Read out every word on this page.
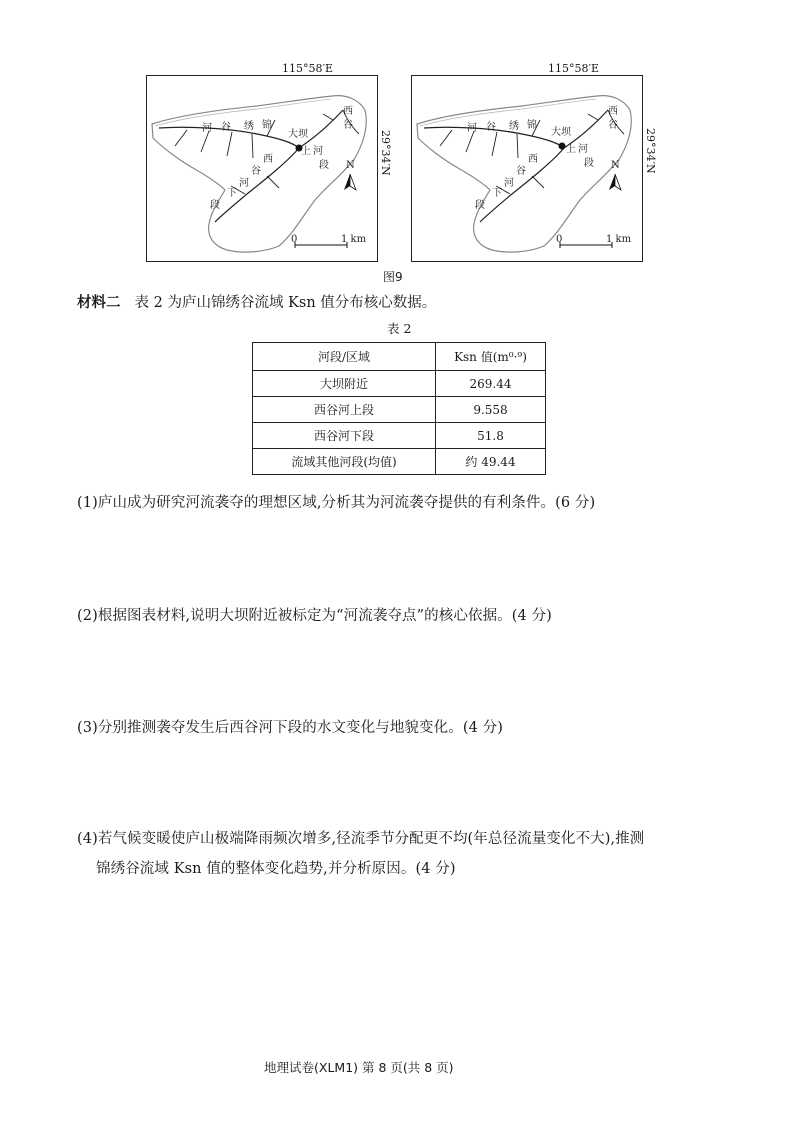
锦
绣
谷
河
大坝
西
谷
河
西
谷
河
段
下
段
上
N
0	1 km
115°58′E
29°34′N
锦
绣
谷
河	大坝
西
谷
河
西
谷
河
段
下
段
上
N
0	1 km
115°58′E
29°34′N
图9
材料二 表 2 为庐山锦绣谷流域 Ksn 值分布核心数据。
表 2
河段/区域	Ksn 值(m⁰·⁹)
大坝附近	269.44
西谷河上段	9.558
西谷河下段	51.8
流域其他河段(均值)	约 49.44
(1)庐山成为研究河流袭夺的理想区域,分析其为河流袭夺提供的有利条件。(6 分)
(2)根据图表材料,说明大坝附近被标定为“河流袭夺点”的核心依据。(4 分)
(3)分别推测袭夺发生后西谷河下段的水文变化与地貌变化。(4 分)
(4)若气候变暖使庐山极端降雨频次增多,径流季节分配更不均(年总径流量变化不大),推测
锦绣谷流域 Ksn 值的整体变化趋势,并分析原因。(4 分)
地理试卷(XLM1) 第 8 页(共 8 页)
